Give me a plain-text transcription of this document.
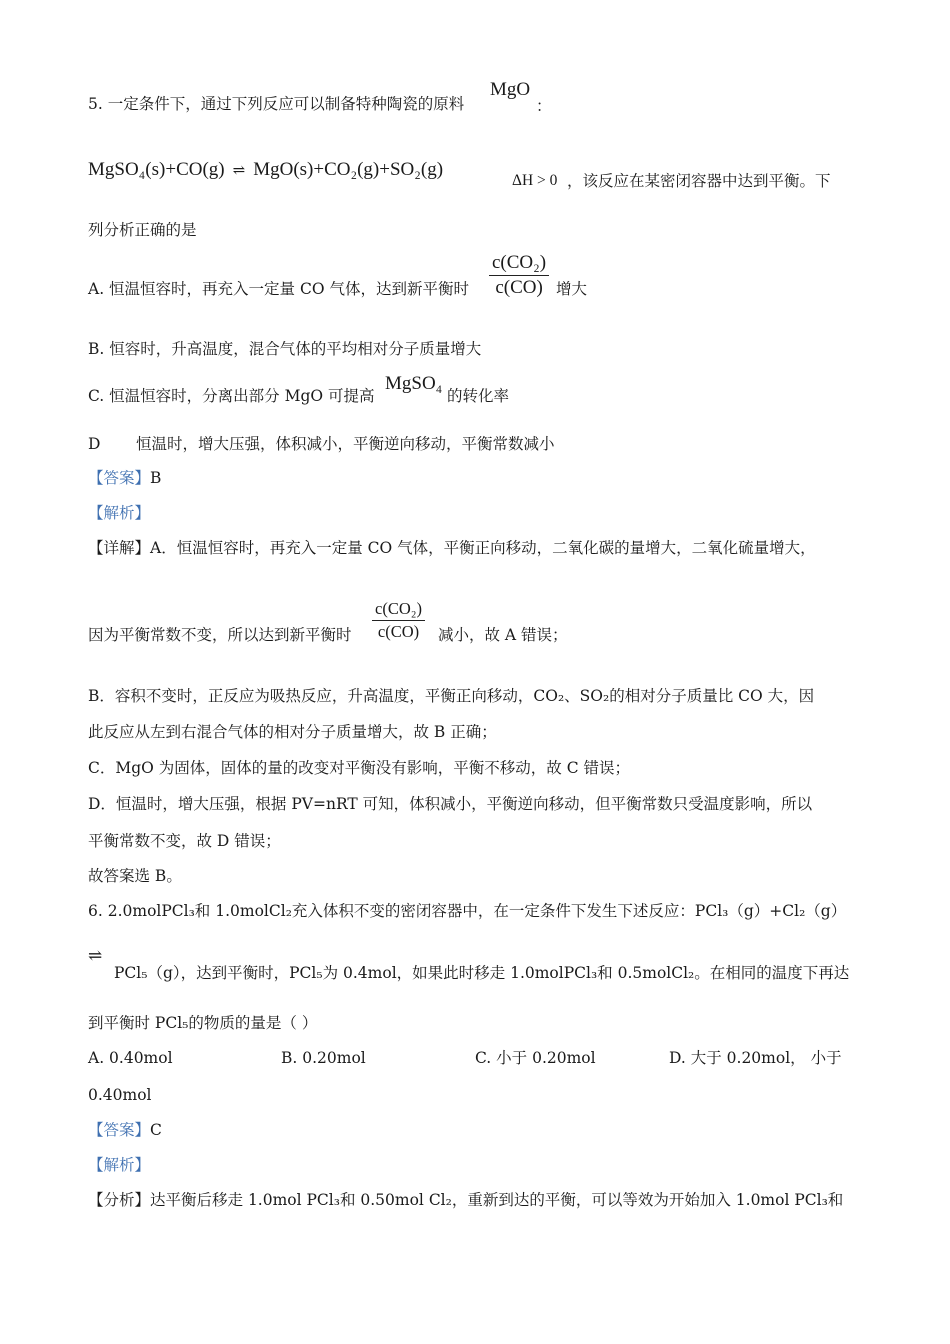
5. 一定条件下，通过下列反应可以制备特种陶瓷的原料
MgO
：
MgSO₄(s)+CO(g) ⇌ MgO(s)+CO₂(g)+SO₂(g)
ΔH > 0 ，该反应在某密闭容器中达到平衡。下
列分析正确的是
A. 恒温恒容时，再充入一定量 CO 气体，达到新平衡时 $\frac{\text{c(CO₂)}}{c(CO)}$ 增大
B. 恒容时，升高温度，混合气体的平均相对分子质量增大
C. 恒温恒容时，分离出部分 MgO 可提高
MgSO₄
的转化率
D 恒温时，增大压强，体积减小，平衡逆向移动，平衡常数减小
【答案】B
【解析】
【详解】A．恒温恒容时，再充入一定量 CO 气体，平衡正向移动，二氧化碳的量增大，二氧化硫量增大，
因为平衡常数不变，所以达到新平衡时 $\frac{\text{c(CO₂)}}{c(CO)}$ 减小，故 A 错误；
B．容积不变时，正反应为吸热反应，升高温度，平衡正向移动，CO₂、SO₂的相对分子质量比 CO 大，因
此反应从左到右混合气体的相对分子质量增大，故 B 正确；
C．MgO 为固体，固体的量的改变对平衡没有影响，平衡不移动，故 C 错误；
D．恒温时，增大压强，根据 PV=nRT 可知，体积减小，平衡逆向移动，但平衡常数只受温度影响，所以
平衡常数不变，故 D 错误；
故答案选 B。
6. 2.0molPCl₃和 1.0molCl₂充入体积不变的密闭容器中，在一定条件下发生下述反应：PCl₃（g）+Cl₂（g）
⇌
PCl₅（g），达到平衡时，PCl₅为 0.4mol，如果此时移走 1.0molPCl₃和 0.5molCl₂。在相同的温度下再达
到平衡时 PCl₅的物质的量是（ ）
A. 0.40mol	B. 0.20mol	C. 小于 0.20mol	D. 大于 0.20mol， 小于
0.40mol
【答案】C
【解析】
【分析】达平衡后移走 1.0mol PCl₃和 0.50mol Cl₂，重新到达的平衡，可以等效为开始加入 1.0mol PCl₃和
